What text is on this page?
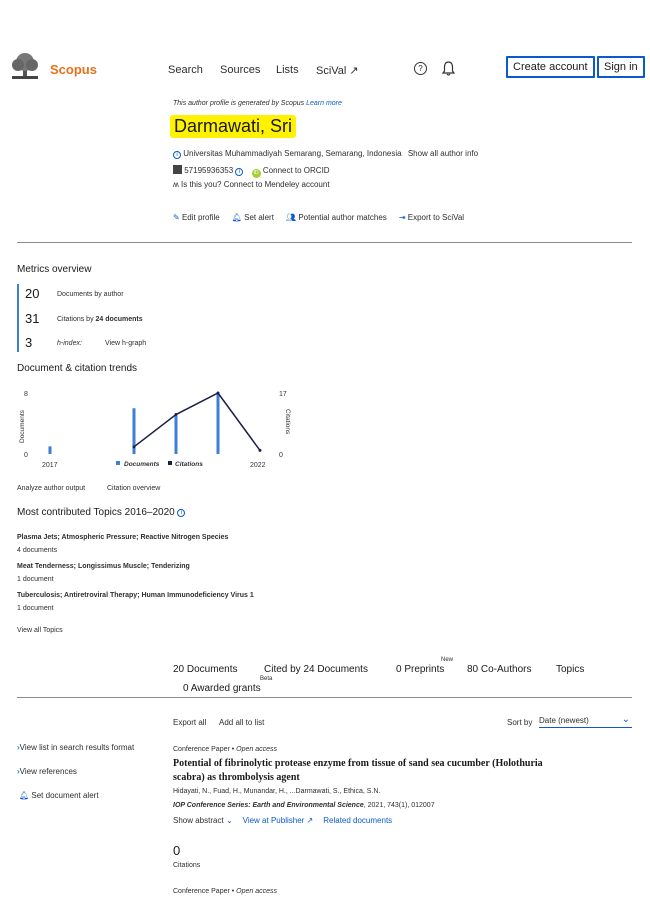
Scopus	Search Sources Lists SciVal ↗	?	Create account	Sign in
This author profile is generated by Scopus Learn more
Darmawati, Sri
i Universitas Muhammadiyah Semarang, Semarang, Indonesia Show all author info
57195936353 i	iD Connect to ORCID
ʍ Is this you? Connect to Mendeley account
✎ Edit profile 🔔︎ Set alert 👥︎ Potential author matches ⇥ Export to SciVal
Metrics overview
20	Documents by author
31	Citations by 24 documents
3	h-index:	View h-graph
Document & citation trends
8
0
17
0
Documents	Citations
2017	2022
Documents Citations
Analyze author output	Citation overview
Most contributed Topics 2016–2020 i
Plasma Jets; Atmospheric Pressure; Reactive Nitrogen Species
4 documents
Meat Tenderness; Longissimus Muscle; Tenderizing
1 document
Tuberculosis; Antiretroviral Therapy; Human Immunodeficiency Virus 1
1 document
View all Topics
20 Documents	Cited by 24 Documents
New
0 Preprints 80 Co-Authors Topics
Beta
0 Awarded grants
Export all Add all to list	Sort by Date (newest)	⌄
›View list in search results format
›View references
🔔︎ Set document alert
Conference Paper • Open access
Potential of fibrinolytic protease enzyme from tissue of sand sea cucumber (Holothuria
scabra) as thrombolysis agent
Hidayati, N., Fuad, H., Munandar, H., ...Darmawati, S., Ethica, S.N.
IOP Conference Series: Earth and Environmental Science, 2021, 743(1), 012007
Show abstract ⌄ View at Publisher ↗ Related documents
0
Citations
Conference Paper • Open access
